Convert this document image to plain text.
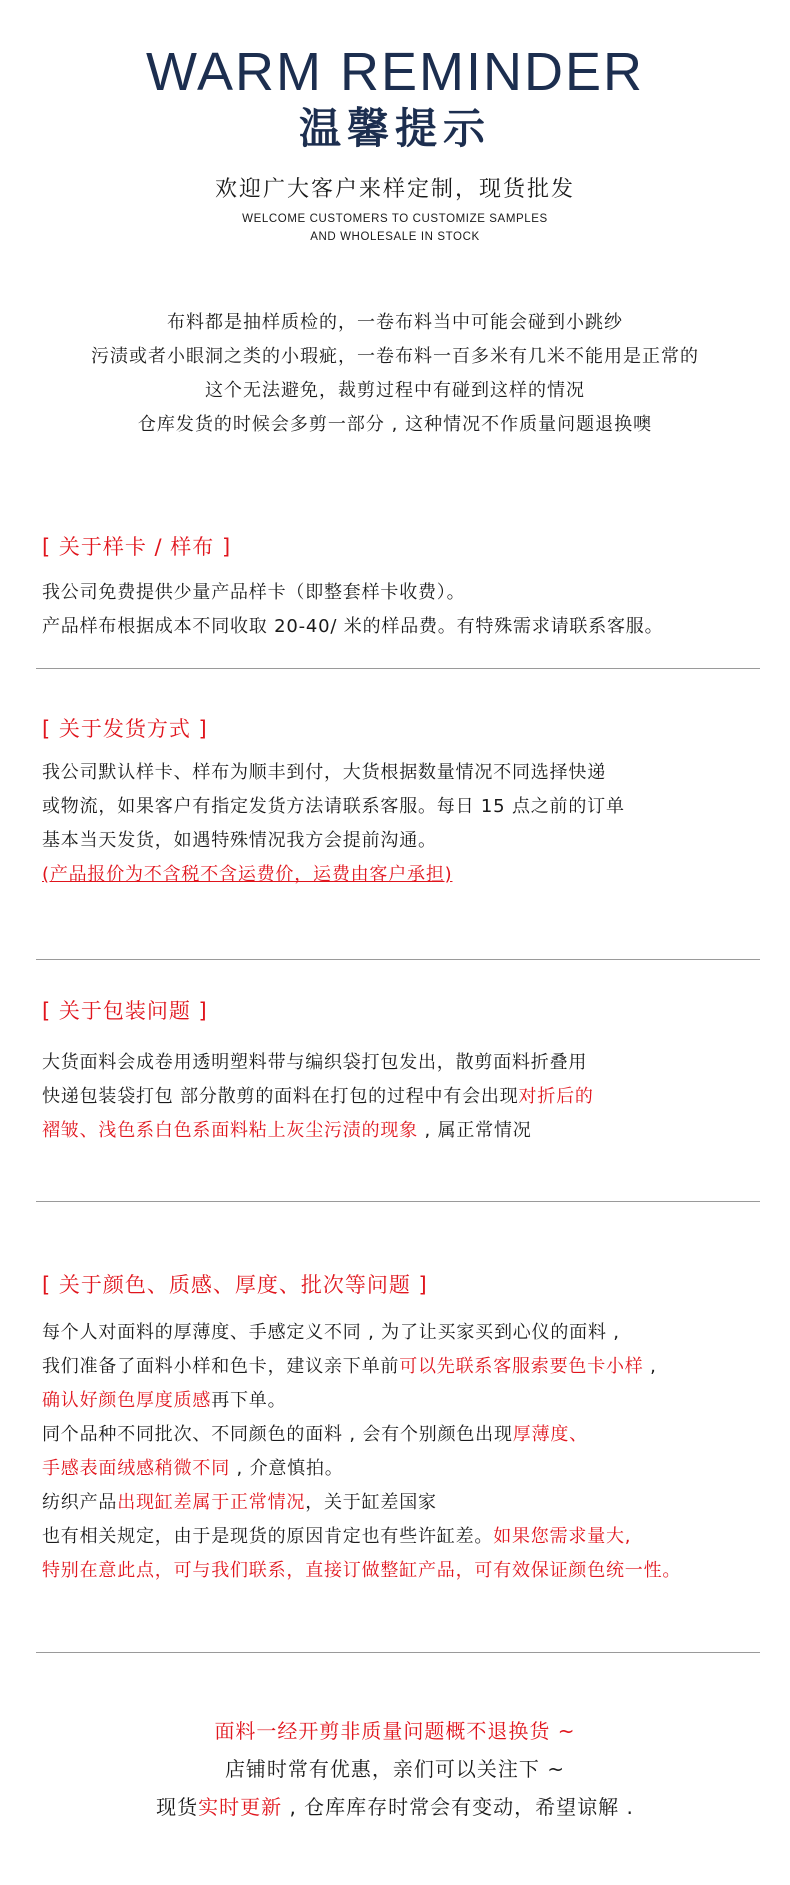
WARM REMINDER
温馨提示
欢迎广大客户来样定制，现货批发
WELCOME CUSTOMERS TO CUSTOMIZE SAMPLES
AND WHOLESALE IN STOCK
布料都是抽样质检的，一卷布料当中可能会碰到小跳纱
污渍或者小眼洞之类的小瑕疵，一卷布料一百多米有几米不能用是正常的
这个无法避免，裁剪过程中有碰到这样的情况
仓库发货的时候会多剪一部分 , 这种情况不作质量问题退换噢
[ 关于样卡 / 样布 ]
我公司免费提供少量产品样卡（即整套样卡收费）。
产品样布根据成本不同收取 20-40/ 米的样品费。有特殊需求请联系客服。
[ 关于发货方式 ]
我公司默认样卡、样布为顺丰到付，大货根据数量情况不同选择快递
或物流，如果客户有指定发货方法请联系客服。每日 15 点之前的订单
基本当天发货，如遇特殊情况我方会提前沟通。
(产品报价为不含税不含运费价，运费由客户承担)
[ 关于包装问题 ]
大货面料会成卷用透明塑料带与编织袋打包发出，散剪面料折叠用
快递包装袋打包 部分散剪的面料在打包的过程中有会出现对折后的
褶皱、浅色系白色系面料粘上灰尘污渍的现象 , 属正常情况
[ 关于颜色、质感、厚度、批次等问题 ]
每个人对面料的厚薄度、手感定义不同 , 为了让买家买到心仪的面料 ,
我们准备了面料小样和色卡，建议亲下单前可以先联系客服索要色卡小样 ,
确认好颜色厚度质感再下单。
同个品种不同批次、不同颜色的面料 , 会有个别颜色出现厚薄度、
手感表面绒感稍微不同 , 介意慎拍。
纺织产品出现缸差属于正常情况，关于缸差国家
也有相关规定，由于是现货的原因肯定也有些许缸差。如果您需求量大,
特别在意此点，可与我们联系，直接订做整缸产品，可有效保证颜色统一性。
面料一经开剪非质量问题概不退换货 ~
店铺时常有优惠，亲们可以关注下 ~
现货实时更新 , 仓库库存时常会有变动，希望谅解 .
